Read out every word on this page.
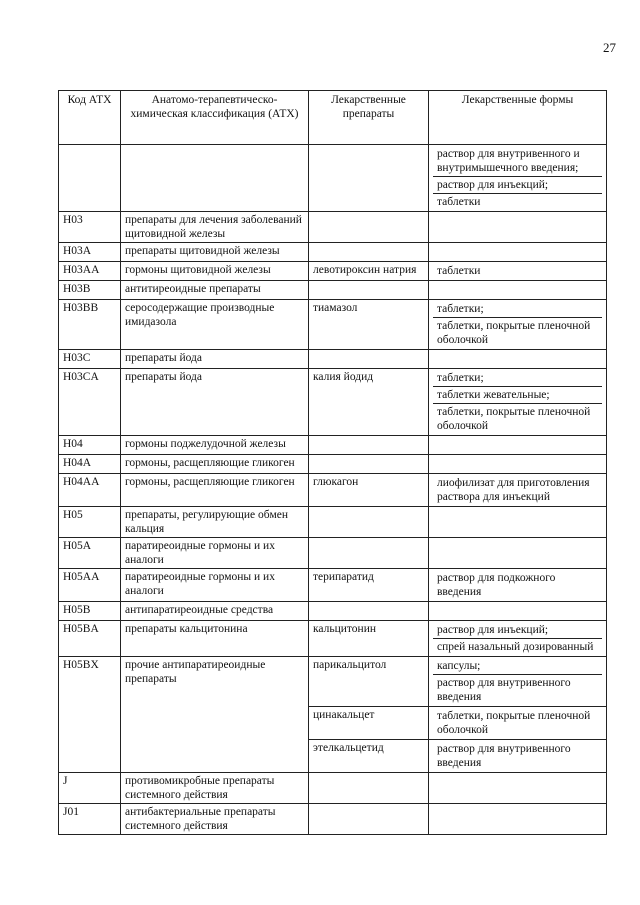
27
Код АТХ	Анатомо-терапевтическо-химическая классификация (АТХ)	Лекарственные препараты	Лекарственные формы

			раствор для внутривенного и внутримышечного введения;
раствор для инъекций;
таблетки

H03	препараты для лечения заболеваний щитовидной железы		

H03A	препараты щитовидной железы		

H03AA	гормоны щитовидной железы	левотироксин натрия	таблетки

H03B	антитиреоидные препараты		

H03BB	серосодержащие производные имидазола	тиамазол	таблетки;
таблетки, покрытые пленочной оболочкой

H03C	препараты йода		

H03CA	препараты йода	калия йодид	таблетки;
таблетки жевательные;
таблетки, покрытые пленочной оболочкой

H04	гормоны поджелудочной железы		

H04A	гормоны, расщепляющие гликоген		

H04AA	гормоны, расщепляющие гликоген	глюкагон	лиофилизат для приготовления раствора для инъекций

H05	препараты, регулирующие обмен кальция		

H05A	паратиреоидные гормоны и их аналоги		

H05AA	паратиреоидные гормоны и их аналоги	терипаратид	раствор для подкожного введения

H05B	антипаратиреоидные средства		

H05BA	препараты кальцитонина	кальцитонин	раствор для инъекций;
спрей назальный дозированный

H05BX	прочие антипаратиреоидные препараты	парикальцитол	капсулы;
раствор для внутривенного введения

		цинакальцет	таблетки, покрытые пленочной оболочкой

		этелкальцетид	раствор для внутривенного введения

J	противомикробные препараты системного действия		

J01	антибактериальные препараты системного действия		
